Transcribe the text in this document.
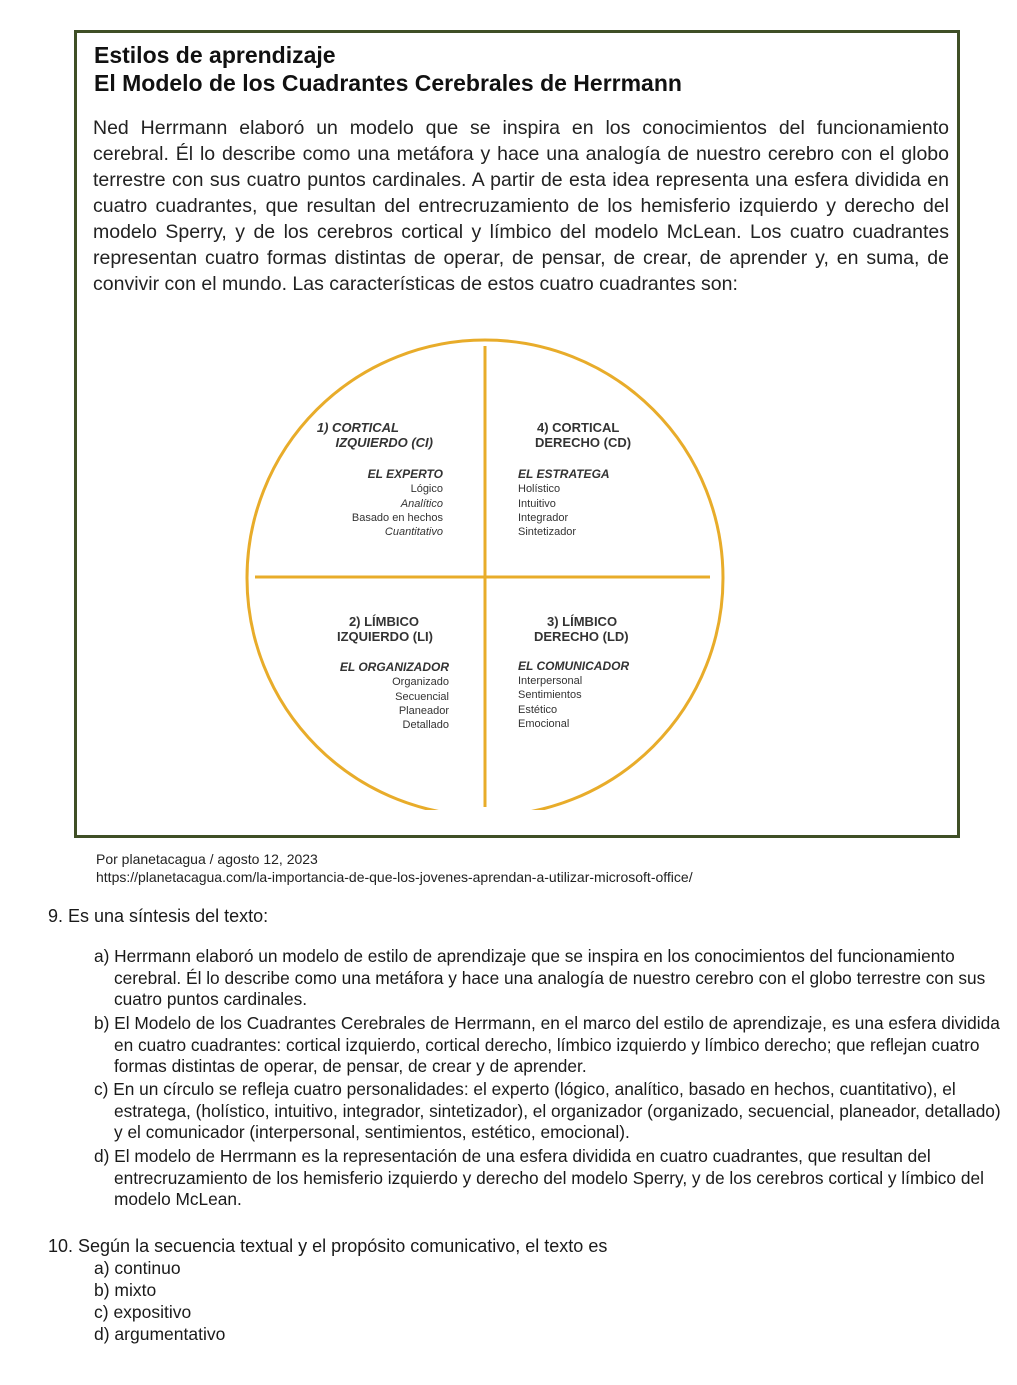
Estilos de aprendizaje
El Modelo de los Cuadrantes Cerebrales de Herrmann

Ned Herrmann elaboró un modelo que se inspira en los conocimientos del funcionamiento cerebral. Él lo describe como una metáfora y hace una analogía de nuestro cerebro con el globo terrestre con sus cuatro puntos cardinales. A partir de esta idea representa una esfera dividida en cuatro cuadrantes, que resultan del entrecruzamiento de los hemisferio izquierdo y derecho del modelo Sperry, y de los cerebros cortical y límbico del modelo McLean. Los cuatro cuadrantes representan cuatro formas distintas de operar, de pensar, de crear, de aprender y, en suma, de convivir con el mundo. Las características de estos cuatro cuadrantes son:

1) CORTICAL
IZQUIERDO (CI)
EL EXPERTO
Lógico
Analítico
Basado en hechos
Cuantitativo
4) CORTICAL
DERECHO (CD)
EL ESTRATEGA
Holístico
Intuitivo
Integrador
Sintetizador
2) LÍMBICO
IZQUIERDO (LI)
EL ORGANIZADOR
Organizado
Secuencial
Planeador
Detallado
3) LÍMBICO
DERECHO (LD)
EL COMUNICADOR
Interpersonal
Sentimientos
Estético
Emocional
Por planetacagua / agosto 12, 2023
https://planetacagua.com/la-importancia-de-que-los-jovenes-aprendan-a-utilizar-microsoft-office/
9. Es una síntesis del texto:

a) Herrmann elaboró un modelo de estilo de aprendizaje que se inspira en los conocimientos del funcionamiento cerebral. Él lo describe como una metáfora y hace una analogía de nuestro cerebro con el globo terrestre con sus cuatro puntos cardinales.

b) El Modelo de los Cuadrantes Cerebrales de Herrmann, en el marco del estilo de aprendizaje, es una esfera dividida en cuatro cuadrantes: cortical izquierdo, cortical derecho, límbico izquierdo y límbico derecho; que reflejan cuatro formas distintas de operar, de pensar, de crear y de aprender.

c) En un círculo se refleja cuatro personalidades: el experto (lógico, analítico, basado en hechos, cuantitativo), el estratega, (holístico, intuitivo, integrador, sintetizador), el organizador (organizado, secuencial, planeador, detallado) y el comunicador (interpersonal, sentimientos, estético, emocional).

d) El modelo de Herrmann es la representación de una esfera dividida en cuatro cuadrantes, que resultan del entrecruzamiento de los hemisferio izquierdo y derecho del modelo Sperry, y de los cerebros cortical y límbico del modelo McLean.

10. Según la secuencia textual y el propósito comunicativo, el texto es
a) continuo
b) mixto
c) expositivo
d) argumentativo
